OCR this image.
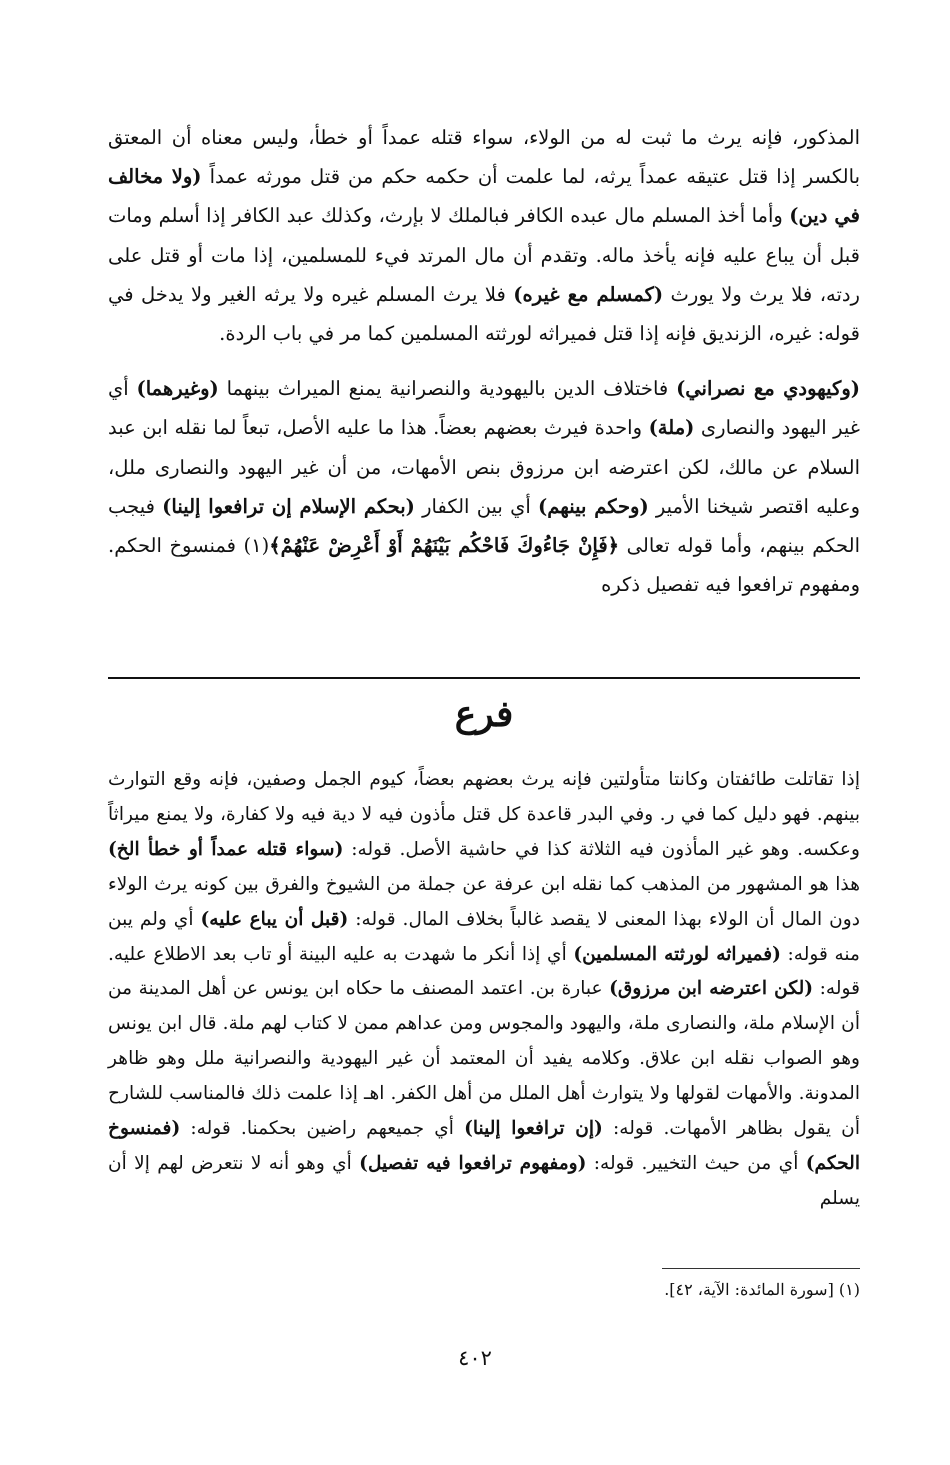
المذكور، فإنه يرث ما ثبت له من الولاء، سواء قتله عمداً أو خطأ، وليس معناه أن المعتق بالكسر إذا قتل عتيقه عمداً يرثه، لما علمت أن حكمه حكم من قتل مورثه عمداً (ولا مخالف في دين) وأما أخذ المسلم مال عبده الكافر فبالملك لا بإرث، وكذلك عبد الكافر إذا أسلم ومات قبل أن يباع عليه فإنه يأخذ ماله. وتقدم أن مال المرتد فيء للمسلمين، إذا مات أو قتل على ردته، فلا يرث ولا يورث (كمسلم مع غيره) فلا يرث المسلم غيره ولا يرثه الغير ولا يدخل في قوله: غيره، الزنديق فإنه إذا قتل فميراثه لورثته المسلمين كما مر في باب الردة.

(وكيهودي مع نصراني) فاختلاف الدين باليهودية والنصرانية يمنع الميراث بينهما (وغيرهما) أي غير اليهود والنصارى (ملة) واحدة فيرث بعضهم بعضاً. هذا ما عليه الأصل، تبعاً لما نقله ابن عبد السلام عن مالك، لكن اعترضه ابن مرزوق بنص الأمهات، من أن غير اليهود والنصارى ملل، وعليه اقتصر شيخنا الأمير (وحكم بينهم) أي بين الكفار (بحكم الإسلام إن ترافعوا إلينا) فيجب الحكم بينهم، وأما قوله تعالى ﴿فَإِنْ جَاءُوكَ فَاحْكُم بَيْنَهُمْ أَوْ أَعْرِضْ عَنْهُمْ﴾(١) فمنسوخ الحكم. ومفهوم ترافعوا فيه تفصيل ذكره

فرع

إذا تقاتلت طائفتان وكانتا متأولتين فإنه يرث بعضهم بعضاً، كيوم الجمل وصفين، فإنه وقع التوارث بينهم. فهو دليل كما في ر. وفي البدر قاعدة كل قتل مأذون فيه لا دية فيه ولا كفارة، ولا يمنع ميراثاً وعكسه. وهو غير المأذون فيه الثلاثة كذا في حاشية الأصل. قوله: (سواء قتله عمداً أو خطأ الخ) هذا هو المشهور من المذهب كما نقله ابن عرفة عن جملة من الشيوخ والفرق بين كونه يرث الولاء دون المال أن الولاء بهذا المعنى لا يقصد غالباً بخلاف المال. قوله: (قبل أن يباع عليه) أي ولم يبن منه قوله: (فميراثه لورثته المسلمين) أي إذا أنكر ما شهدت به عليه البينة أو تاب بعد الاطلاع عليه. قوله: (لكن اعترضه ابن مرزوق) عبارة بن. اعتمد المصنف ما حكاه ابن يونس عن أهل المدينة من أن الإسلام ملة، والنصارى ملة، واليهود والمجوس ومن عداهم ممن لا كتاب لهم ملة. قال ابن يونس وهو الصواب نقله ابن علاق. وكلامه يفيد أن المعتمد أن غير اليهودية والنصرانية ملل وهو ظاهر المدونة. والأمهات لقولها ولا يتوارث أهل الملل من أهل الكفر. اهـ إذا علمت ذلك فالمناسب للشارح أن يقول بظاهر الأمهات. قوله: (إن ترافعوا إلينا) أي جميعهم راضين بحكمنا. قوله: (فمنسوخ الحكم) أي من حيث التخيير. قوله: (ومفهوم ترافعوا فيه تفصيل) أي وهو أنه لا نتعرض لهم إلا أن يسلم

(١) [سورة المائدة: الآية، ٤٢].
٤٠٢
